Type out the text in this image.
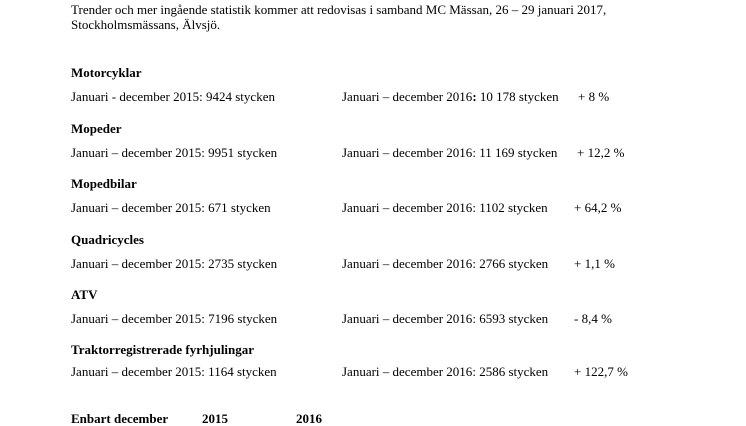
Trender och mer ingående statistik kommer att redovisas i samband MC Mässan, 26 – 29 januari 2017,
Stockholmsmässans, Älvsjö.
Motorcyklar
Januari - december 2015: 9424 stycken	Januari – december 2016: 10 178 stycken + 8 %
Mopeder
Januari – december 2015: 9951 stycken	Januari – december 2016: 11 169 stycken + 12,2 %
Mopedbilar
Januari – december 2015: 671 stycken	Januari – december 2016: 1102 stycken + 64,2 %
Quadricycles
Januari – december 2015: 2735 stycken	Januari – december 2016: 2766 stycken + 1,1 %
ATV
Januari – december 2015: 7196 stycken	Januari – december 2016: 6593 stycken - 8,4 %
Traktorregistrerade fyrhjulingar
Januari – december 2015: 1164 stycken	Januari – december 2016: 2586 stycken + 122,7 %
Enbart december	2015	2016
